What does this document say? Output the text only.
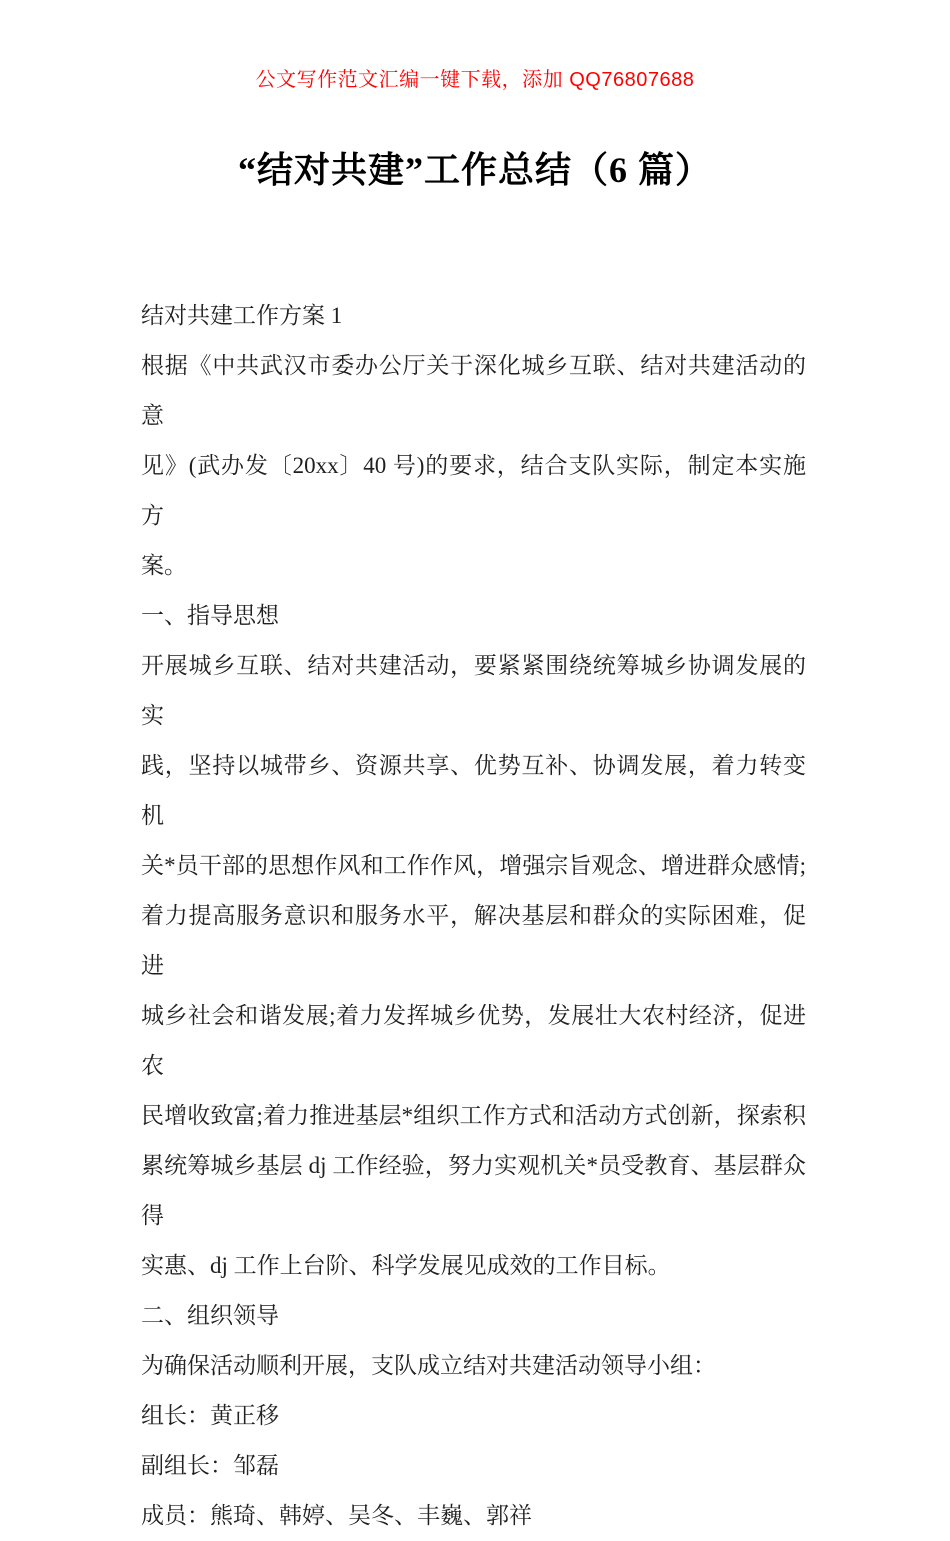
公文写作范文汇编一键下载，添加 QQ76807688
“结对共建”工作总结（6 篇）
结对共建工作方案 1
根据《中共武汉市委办公厅关于深化城乡互联、结对共建活动的意
见》(武办发〔20xx〕40 号)的要求，结合支队实际，制定本实施方
案。
一、指导思想
开展城乡互联、结对共建活动，要紧紧围绕统筹城乡协调发展的实
践，坚持以城带乡、资源共享、优势互补、协调发展，着力转变机
关*员干部的思想作风和工作作风，增强宗旨观念、增进群众感情;
着力提高服务意识和服务水平，解决基层和群众的实际困难，促进
城乡社会和谐发展;着力发挥城乡优势，发展壮大农村经济，促进农
民增收致富;着力推进基层*组织工作方式和活动方式创新，探索积
累统筹城乡基层 dj 工作经验，努力实观机关*员受教育、基层群众得
实惠、dj 工作上台阶、科学发展见成效的工作目标。
二、组织领导
为确保活动顺利开展，支队成立结对共建活动领导小组：
组长：黄正移
副组长：邹磊
成员：熊琦、韩婷、吴冬、丰巍、郭祥
